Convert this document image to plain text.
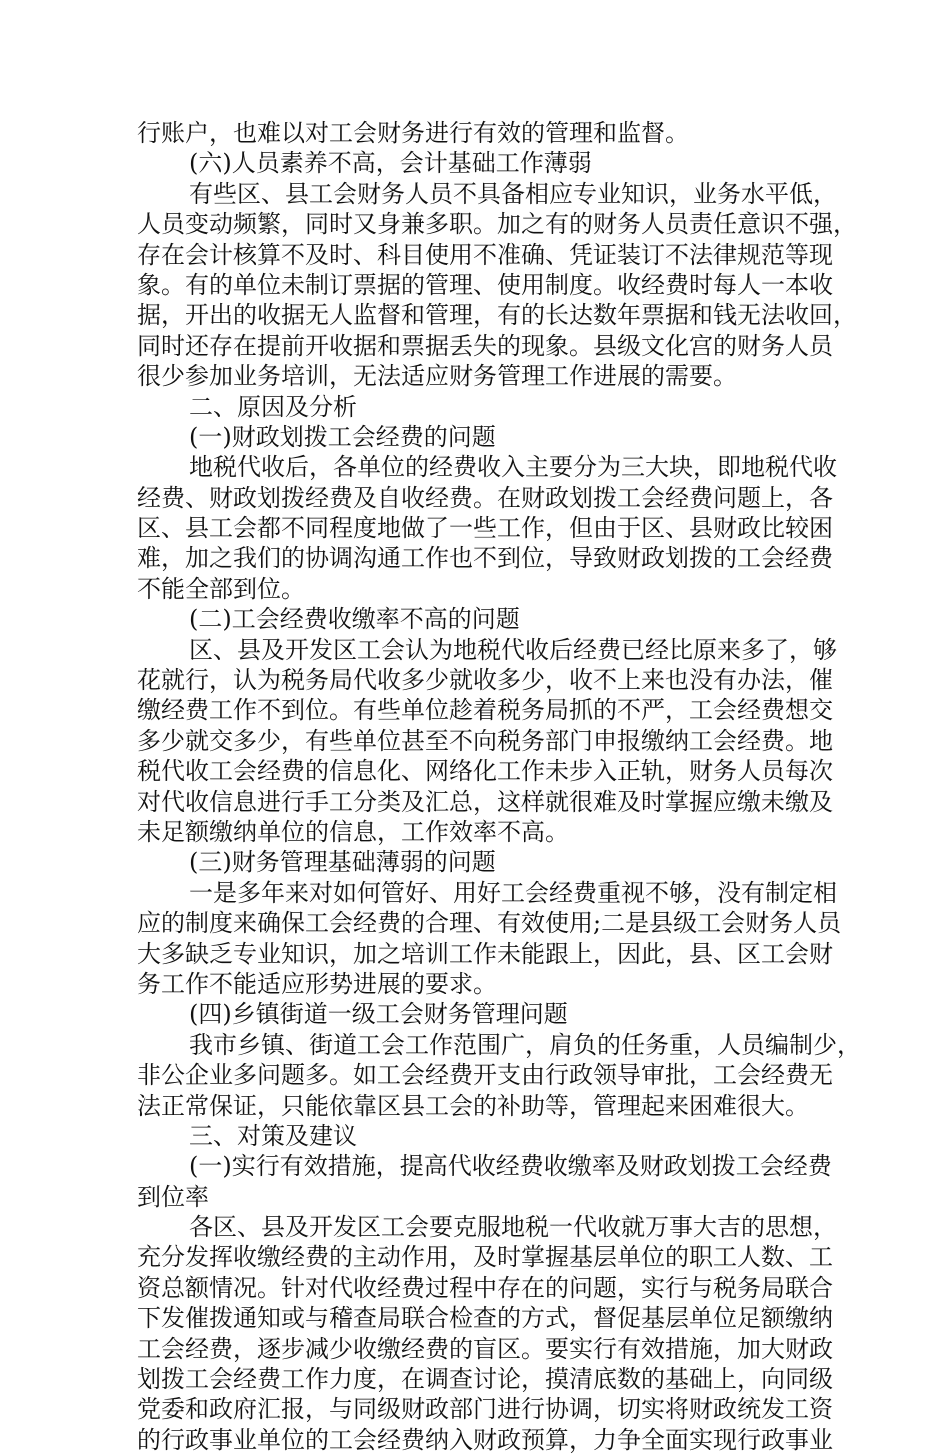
行账户，也难以对工会财务进行有效的管理和监督。
(六)人员素养不高，会计基础工作薄弱
有些区、县工会财务人员不具备相应专业知识，业务水平低，
人员变动频繁，同时又身兼多职。加之有的财务人员责任意识不强，
存在会计核算不及时、科目使用不准确、凭证装订不法律规范等现
象。有的单位未制订票据的管理、使用制度。收经费时每人一本收
据，开出的收据无人监督和管理，有的长达数年票据和钱无法收回，
同时还存在提前开收据和票据丢失的现象。县级文化宫的财务人员
很少参加业务培训，无法适应财务管理工作进展的需要。
二、原因及分析
(一)财政划拨工会经费的问题
地税代收后，各单位的经费收入主要分为三大块，即地税代收
经费、财政划拨经费及自收经费。在财政划拨工会经费问题上，各
区、县工会都不同程度地做了一些工作，但由于区、县财政比较困
难，加之我们的协调沟通工作也不到位，导致财政划拨的工会经费
不能全部到位。
(二)工会经费收缴率不高的问题
区、县及开发区工会认为地税代收后经费已经比原来多了，够
花就行，认为税务局代收多少就收多少，收不上来也没有办法，催
缴经费工作不到位。有些单位趁着税务局抓的不严，工会经费想交
多少就交多少，有些单位甚至不向税务部门申报缴纳工会经费。地
税代收工会经费的信息化、网络化工作未步入正轨，财务人员每次
对代收信息进行手工分类及汇总，这样就很难及时掌握应缴未缴及
未足额缴纳单位的信息，工作效率不高。
(三)财务管理基础薄弱的问题
一是多年来对如何管好、用好工会经费重视不够，没有制定相
应的制度来确保工会经费的合理、有效使用;二是县级工会财务人员
大多缺乏专业知识，加之培训工作未能跟上，因此，县、区工会财
务工作不能适应形势进展的要求。
(四)乡镇街道一级工会财务管理问题
我市乡镇、街道工会工作范围广，肩负的任务重，人员编制少，
非公企业多问题多。如工会经费开支由行政领导审批，工会经费无
法正常保证，只能依靠区县工会的补助等，管理起来困难很大。
三、对策及建议
(一)实行有效措施，提高代收经费收缴率及财政划拨工会经费
到位率
各区、县及开发区工会要克服地税一代收就万事大吉的思想，
充分发挥收缴经费的主动作用，及时掌握基层单位的职工人数、工
资总额情况。针对代收经费过程中存在的问题，实行与税务局联合
下发催拨通知或与稽查局联合检查的方式，督促基层单位足额缴纳
工会经费，逐步减少收缴经费的盲区。要实行有效措施，加大财政
划拨工会经费工作力度，在调查讨论，摸清底数的基础上，向同级
党委和政府汇报，与同级财政部门进行协调，切实将财政统发工资
的行政事业单位的工会经费纳入财政预算，力争全面实现行政事业
